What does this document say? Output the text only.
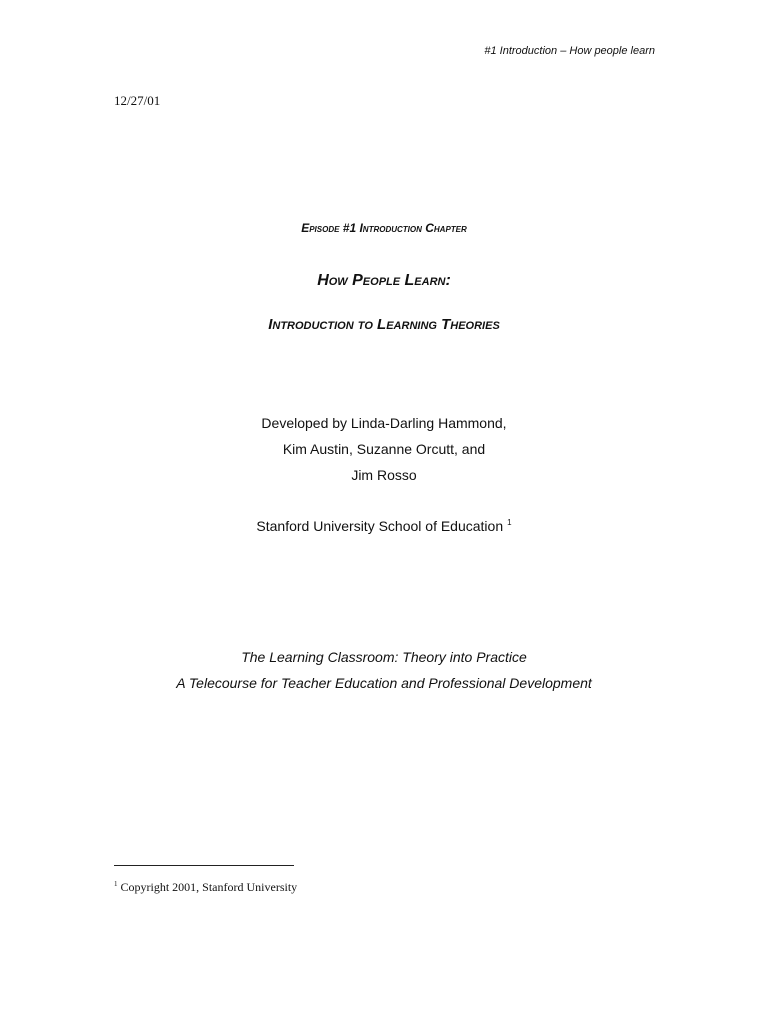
#1 Introduction – How people learn
12/27/01
Episode #1 Introduction Chapter
How People Learn:
Introduction to Learning Theories
Developed by Linda-Darling Hammond,
Kim Austin, Suzanne Orcutt, and
Jim Rosso
Stanford University School of Education $^1$
The Learning Classroom: Theory into Practice
A Telecourse for Teacher Education and Professional Development
$^1$ Copyright 2001, Stanford University
